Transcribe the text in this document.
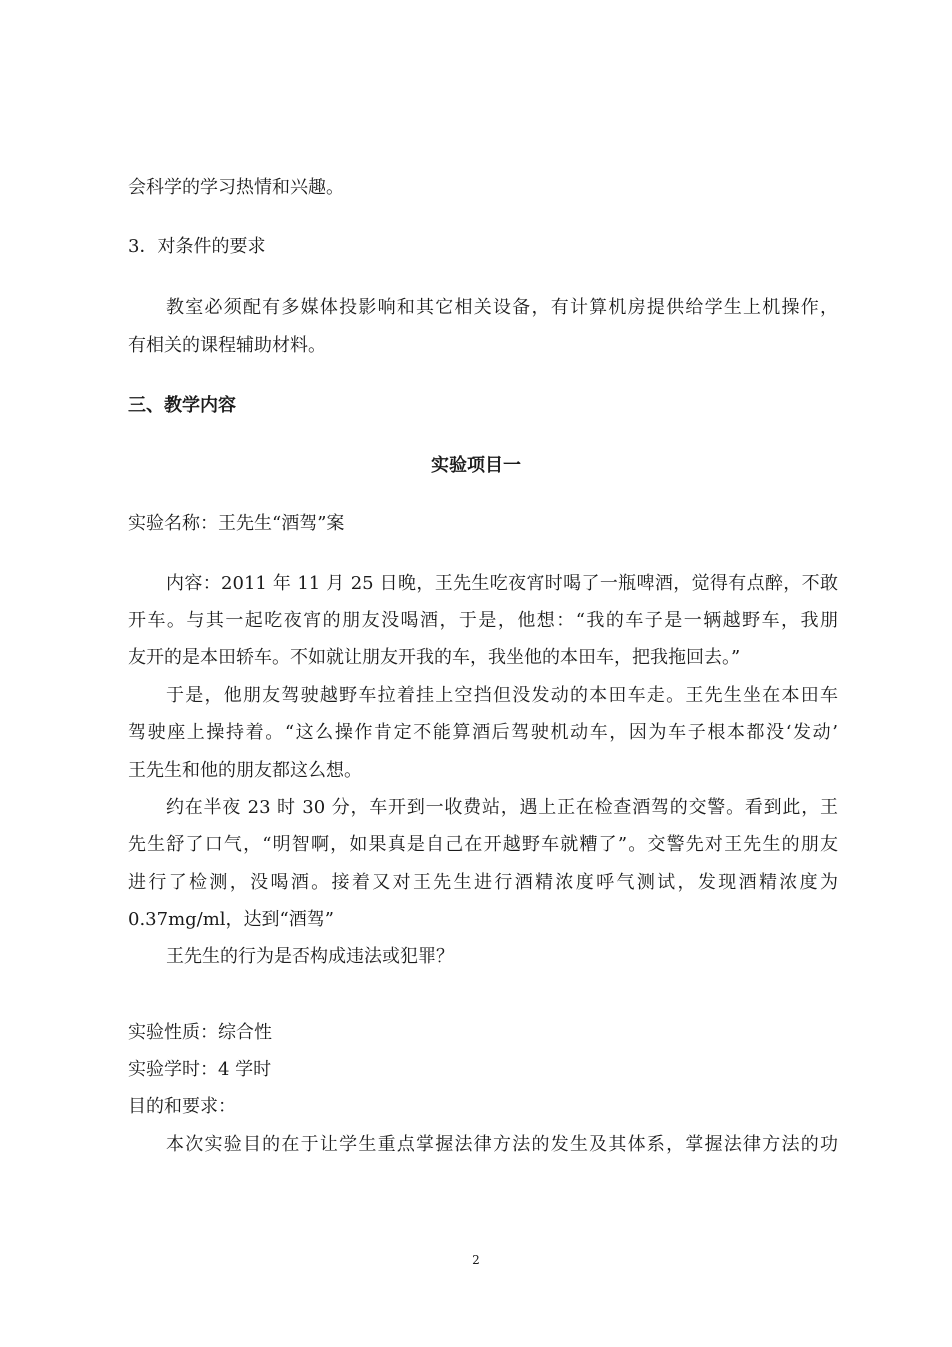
会科学的学习热情和兴趣。

3．对条件的要求

教室必须配有多媒体投影响和其它相关设备，有计算机房提供给学生上机操作，

有相关的课程辅助材料。

三、教学内容

实验项目一

实验名称：王先生“酒驾”案

内容：2011 年 11 月 25 日晚，王先生吃夜宵时喝了一瓶啤酒，觉得有点醉，不敢

开车。与其一起吃夜宵的朋友没喝酒，于是，他想：“我的车子是一辆越野车，我朋

友开的是本田轿车。不如就让朋友开我的车，我坐他的本田车，把我拖回去。”

于是，他朋友驾驶越野车拉着挂上空挡但没发动的本田车走。王先生坐在本田车

驾驶座上操持着。“这么操作肯定不能算酒后驾驶机动车，因为车子根本都没‘发动’

王先生和他的朋友都这么想。

约在半夜 23 时 30 分，车开到一收费站，遇上正在检查酒驾的交警。看到此，王

先生舒了口气，“明智啊，如果真是自己在开越野车就糟了”。交警先对王先生的朋友

进行了检测，没喝酒。接着又对王先生进行酒精浓度呼气测试，发现酒精浓度为

0.37mg/ml，达到“酒驾”

王先生的行为是否构成违法或犯罪？

实验性质：综合性

实验学时：4 学时

目的和要求：

本次实验目的在于让学生重点掌握法律方法的发生及其体系，掌握法律方法的功

2
